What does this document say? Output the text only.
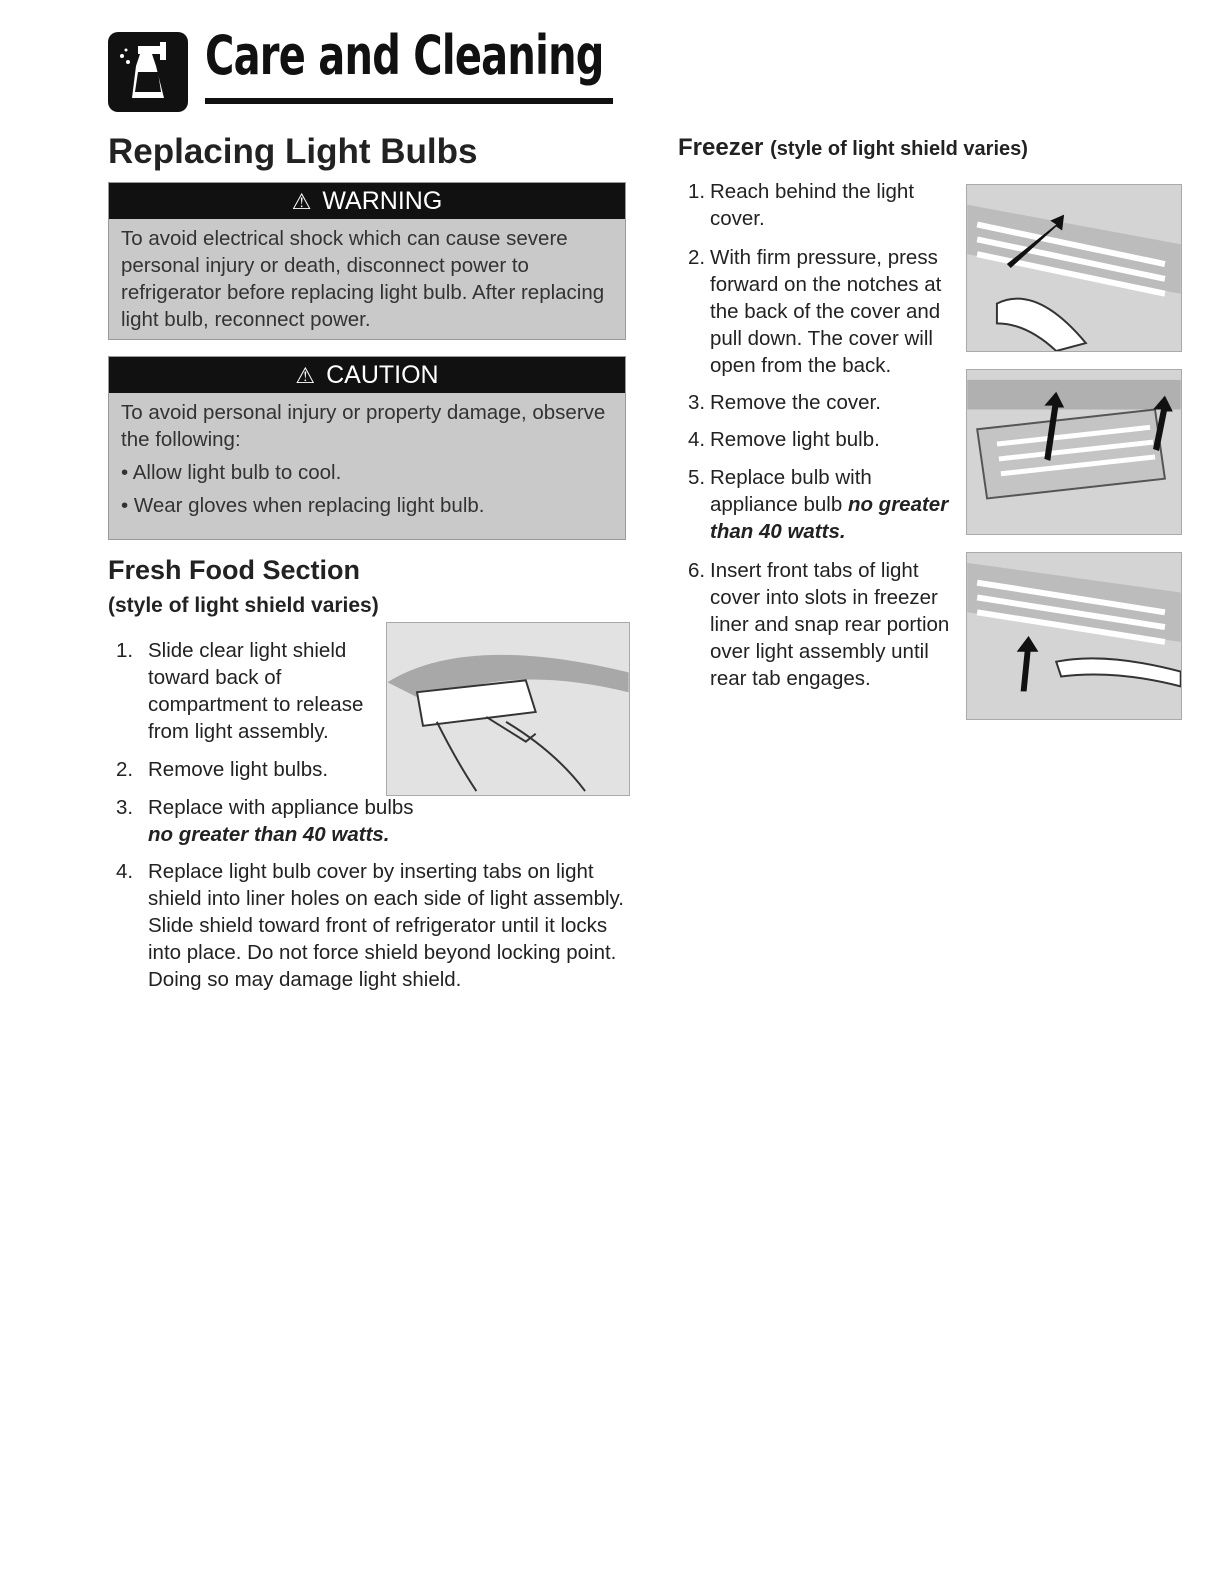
Care and Cleaning
Replacing Light Bulbs
⚠ WARNING

To avoid electrical shock which can cause severe personal injury or death, disconnect power to refrigerator before replacing light bulb. After replacing light bulb, reconnect power.

⚠ CAUTION

To avoid personal injury or property damage, observe the following:

• Allow light bulb to cool.

• Wear gloves when replacing light bulb.

Fresh Food Section
(style of light shield varies)
1. Slide clear light shield toward back of compartment to release from light assembly.
2. Remove light bulbs.
3. Replace with appliance bulbs
no greater than 40 watts.
4. Replace light bulb cover by inserting tabs on light shield into liner holes on each side of light assembly. Slide shield toward front of refrigerator until it locks into place. Do not force shield beyond locking point. Doing so may damage light shield.
Freezer (style of light shield varies)
1. Reach behind the light cover.
2. With firm pressure, press forward on the notches at the back of the cover and pull down. The cover will open from the back.
3. Remove the cover.
4. Remove light bulb.
5. Replace bulb with appliance bulb no greater than 40 watts.
6. Insert front tabs of light cover into slots in freezer liner and snap rear portion over light assembly until rear tab engages.
